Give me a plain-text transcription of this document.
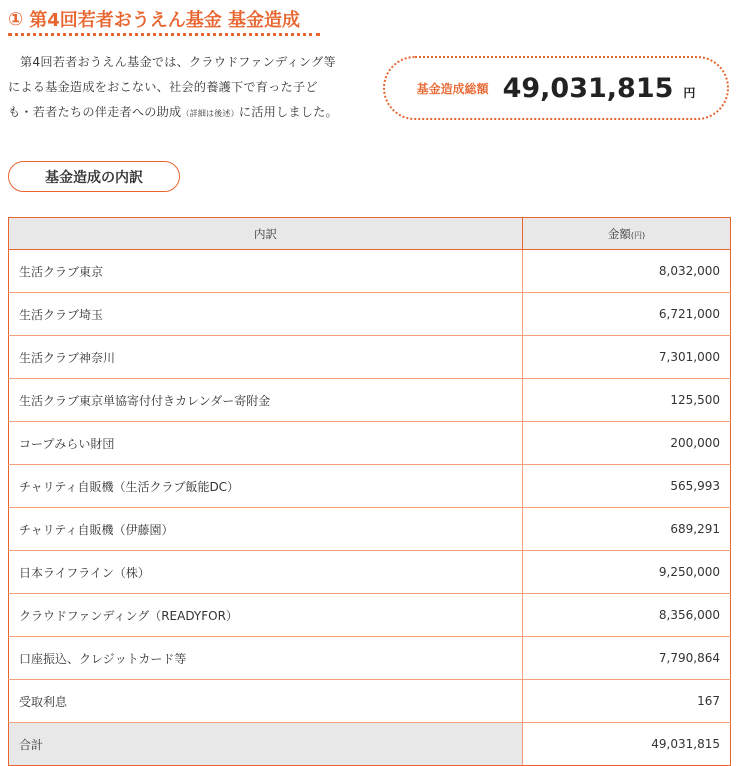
① 第4回若者おうえん基金 基金造成
第4回若者おうえん基金では、クラウドファンディング等
による基金造成をおこない、社会的養護下で育った子ど
も・若者たちの伴走者への助成（詳細は後述）に活用しました。
基金造成総額 49,031,815 円
基金造成の内訳
内訳	金額(円)
生活クラブ東京	8,032,000
生活クラブ埼玉	6,721,000
生活クラブ神奈川	7,301,000
生活クラブ東京単協寄付付きカレンダー寄附金	125,500
コープみらい財団	200,000
チャリティ自販機（生活クラブ飯能DC）	565,993
チャリティ自販機（伊藤園）	689,291
日本ライフライン（株）	9,250,000
クラウドファンディング（READYFOR）	8,356,000
口座振込、クレジットカード等	7,790,864
受取利息	167
合計	49,031,815
